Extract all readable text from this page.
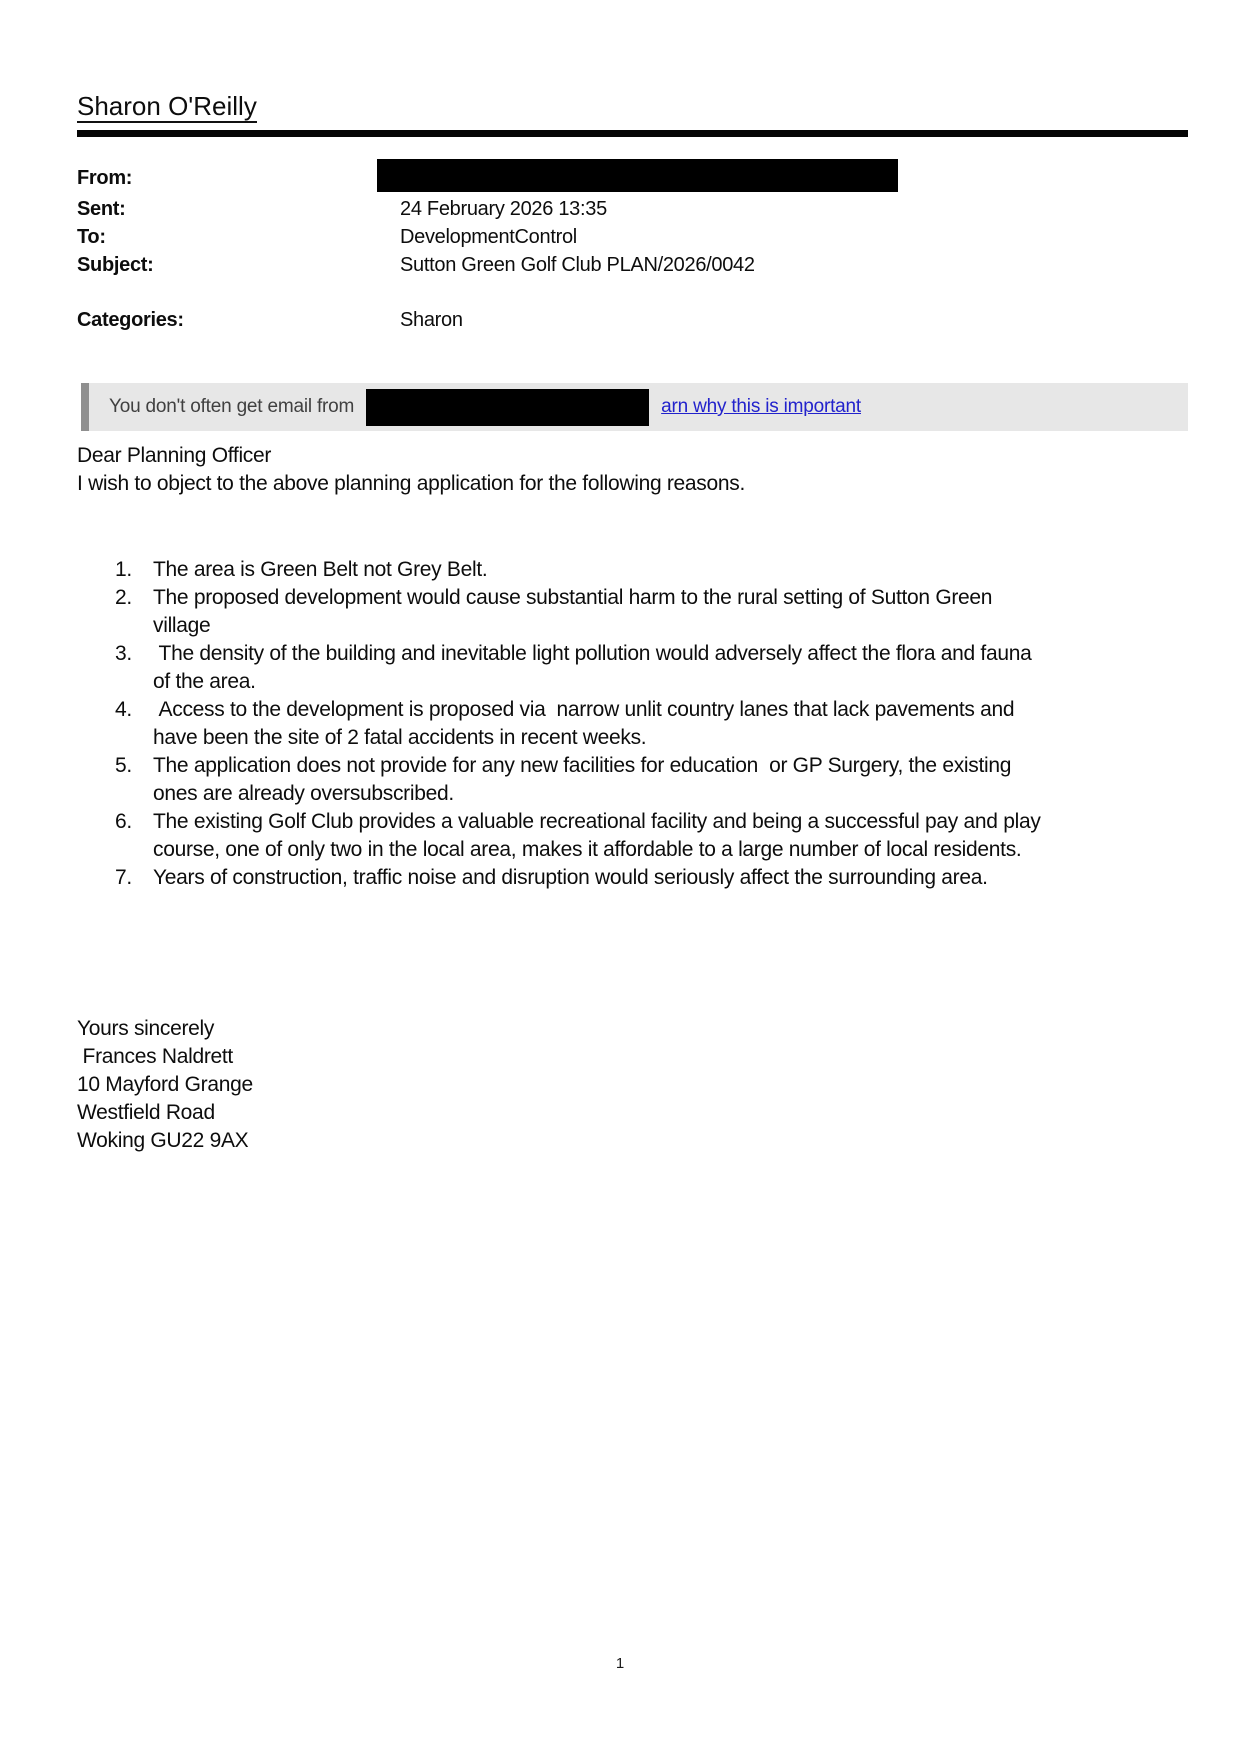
Sharon O'Reilly
From:
Sent:	24 February 2026 13:35
To:	DevelopmentControl
Subject:	Sutton Green Golf Club PLAN/2026/0042
Categories:	Sharon
You don't often get email from	arn why this is important
Dear Planning Officer
I wish to object to the above planning application for the following reasons.
1.	The area is Green Belt not Grey Belt.
2.	The proposed development would cause substantial harm to the rural setting of Sutton Green
village
3.	The density of the building and inevitable light pollution would adversely affect the flora and fauna
of the area.
4.	Access to the development is proposed via  narrow unlit country lanes that lack pavements and
have been the site of 2 fatal accidents in recent weeks.
5.	The application does not provide for any new facilities for education  or GP Surgery, the existing
ones are already oversubscribed.
6.	The existing Golf Club provides a valuable recreational facility and being a successful pay and play
course, one of only two in the local area, makes it affordable to a large number of local residents.
7.	Years of construction, traffic noise and disruption would seriously affect the surrounding area.
Yours sincerely
Frances Naldrett
10 Mayford Grange
Westfield Road
Woking GU22 9AX
1
